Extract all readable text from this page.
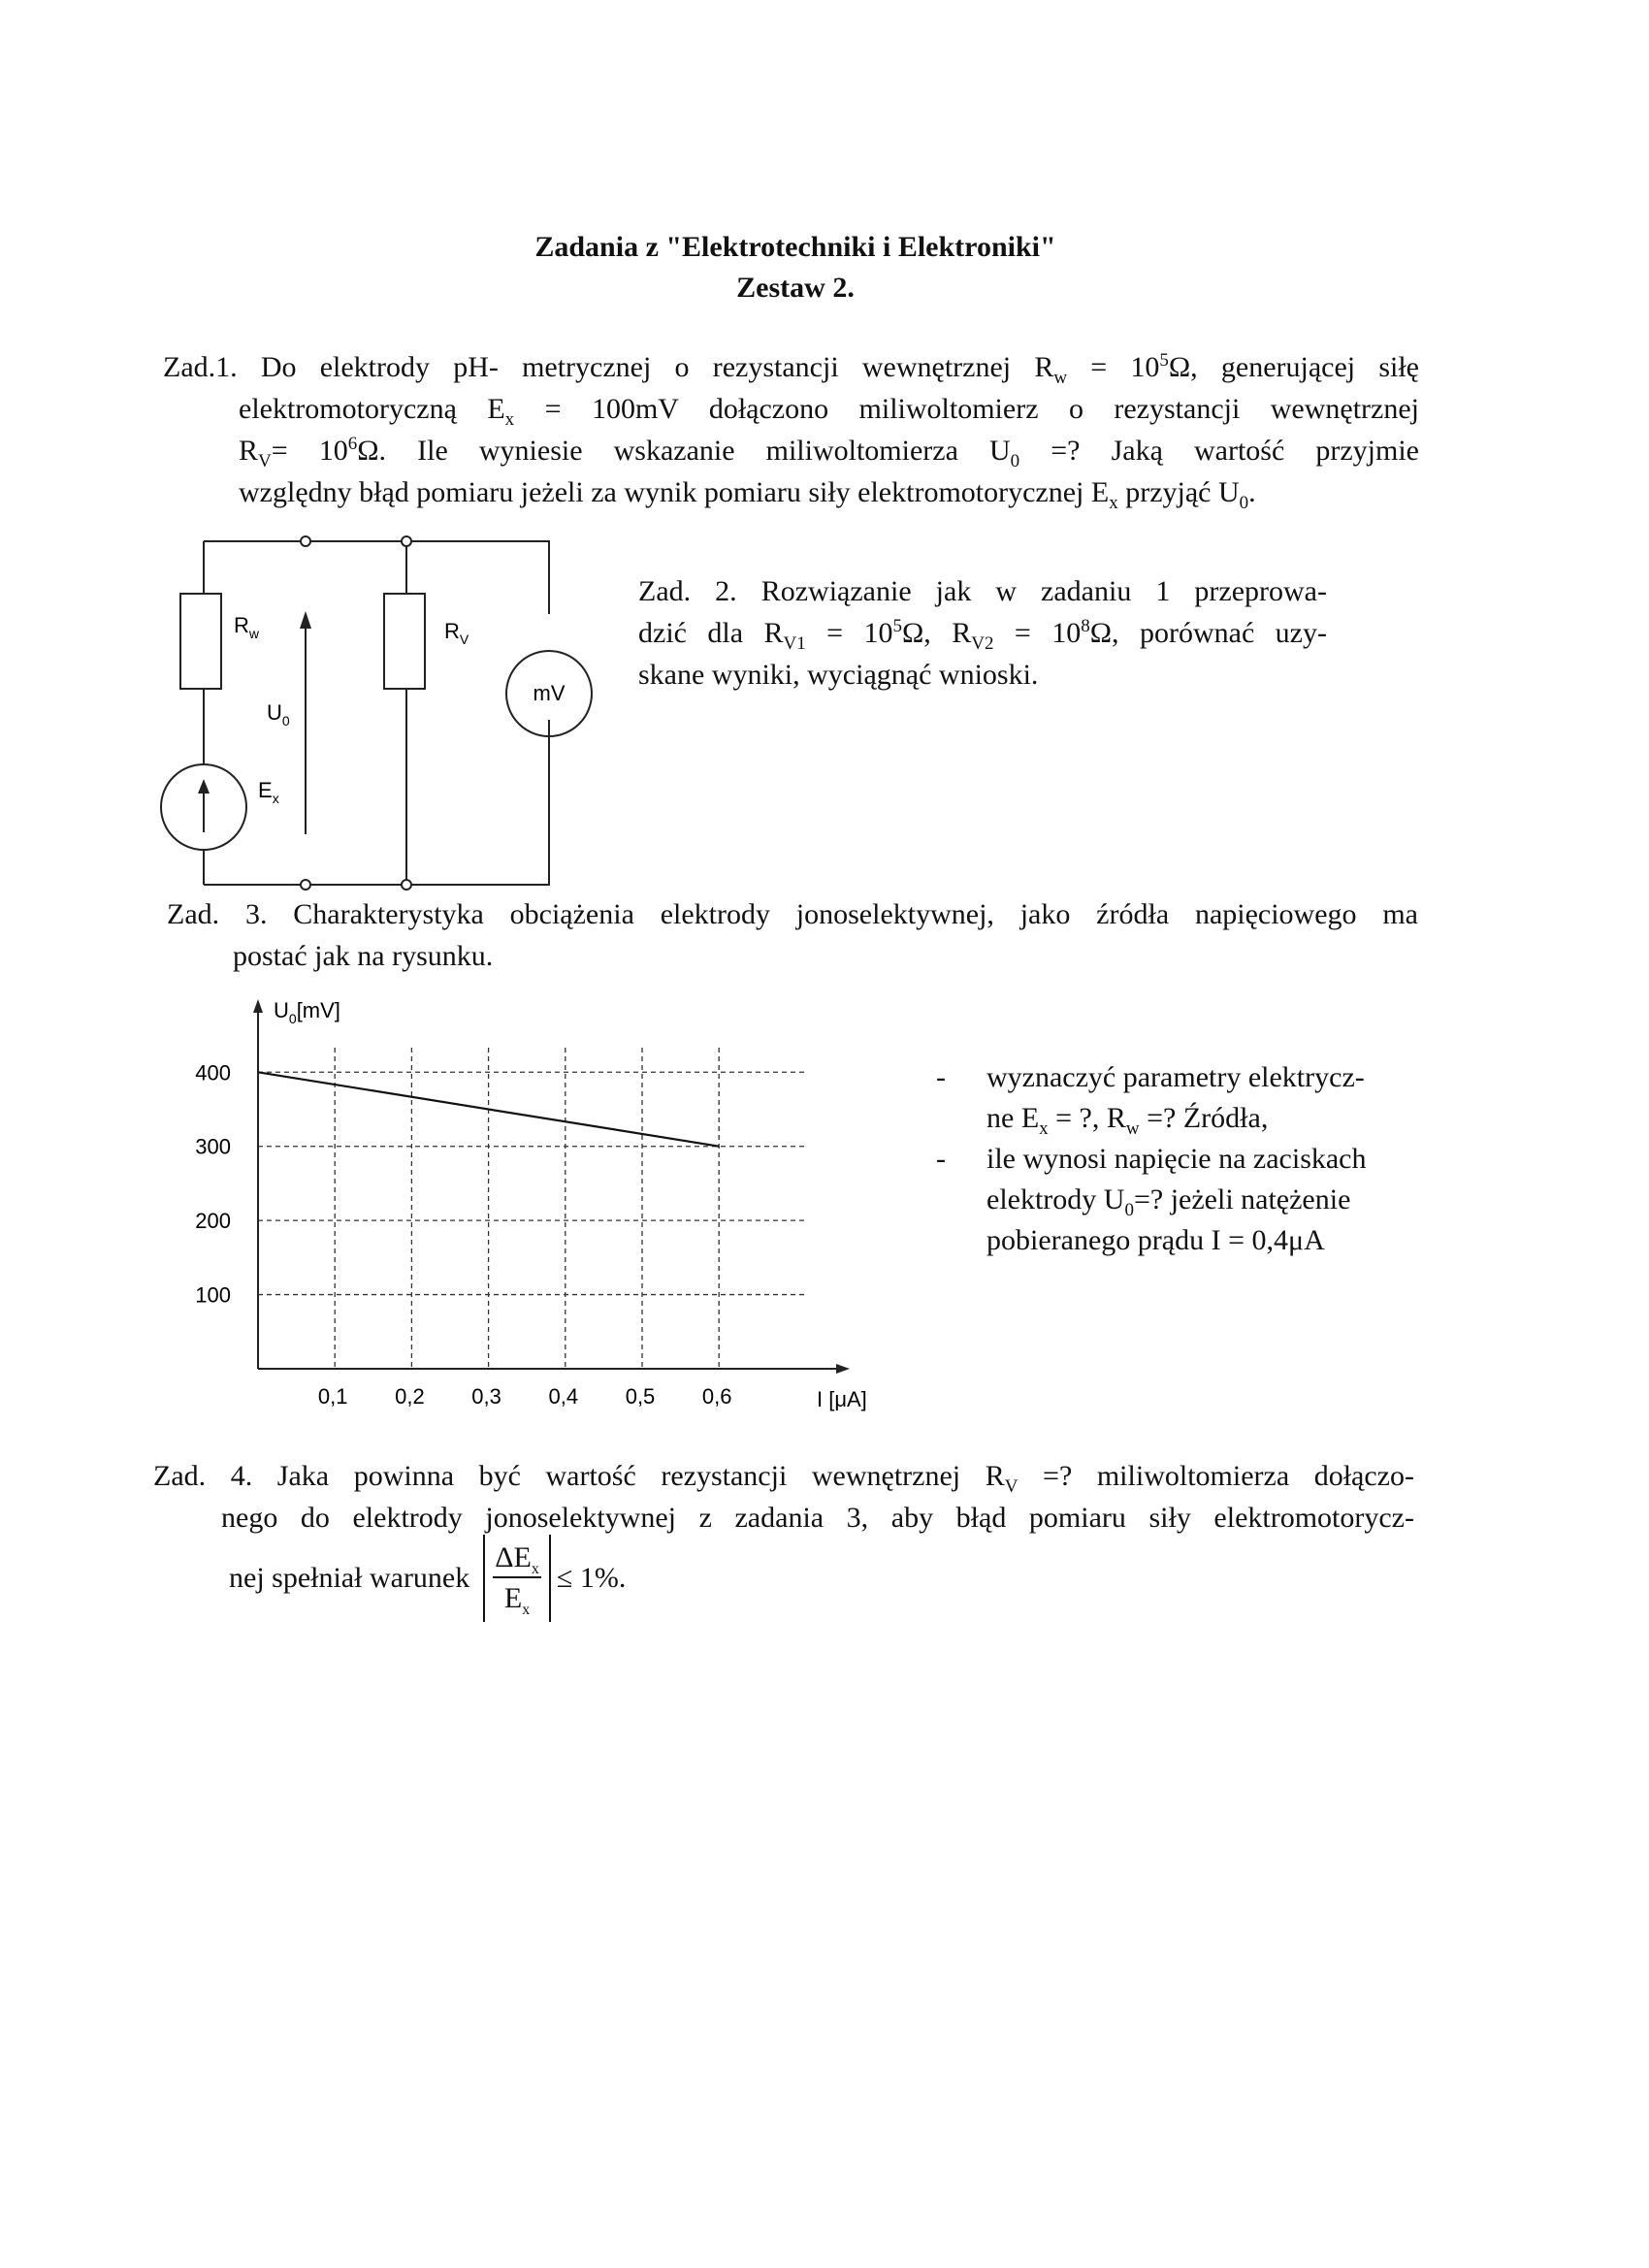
Zadania z "Elektrotechniki i Elektroniki"
Zestaw 2.
Zad.1. Do elektrody pH- metrycznej o rezystancji wewnętrznej $R_w = 10^5\Omega$, generującej siłę
elektromotoryczną $E_x = 100mV$ dołączono miliwoltomierz o rezystancji wewnętrznej
$R_V= 10^6\Omega$. Ile wyniesie wskazanie miliwoltomierza $U_0$ =? Jaką wartość przyjmie
względny błąd pomiaru jeżeli za wynik pomiaru siły elektromotorycznej $E_x$ przyjąć $U_0$.
$R_w$	$R_V$
$U_0$
$E_x$
mV
Zad. 2. Rozwiązanie jak w zadaniu 1 przeprowa-
dzić dla $R_{V1} = 10^5\Omega$, $R_{V2} = 10^8\Omega$, porównać uzy-
skane wyniki, wyciągnąć wnioski.
Zad. 3. Charakterystyka obciążenia elektrody jonoselektywnej, jako źródła napięciowego ma
postać jak na rysunku.
100
200
300
400
0,1 0,2 0,3 0,4 0,5 0,6
$U_0[mV]$
I [μA]
- wyznaczyć parametry elektrycz-
ne $E_x$ = ?, $R_w$ =? Źródła,
- ile wynosi napięcie na zaciskach
elektrody $U_0=$? jeżeli natężenie
pobieranego prądu I = 0,4μA
Zad. 4. Jaka powinna być wartość rezystancji wewnętrznej $R_V$ =? miliwoltomierza dołączo-
nego do elektrody jonoselektywnej z zadania 3, aby błąd pomiaru siły elektromotorycz-
nej spełniał warunek $\frac{\Delta E_x}{E_x} \le 1\%$.
